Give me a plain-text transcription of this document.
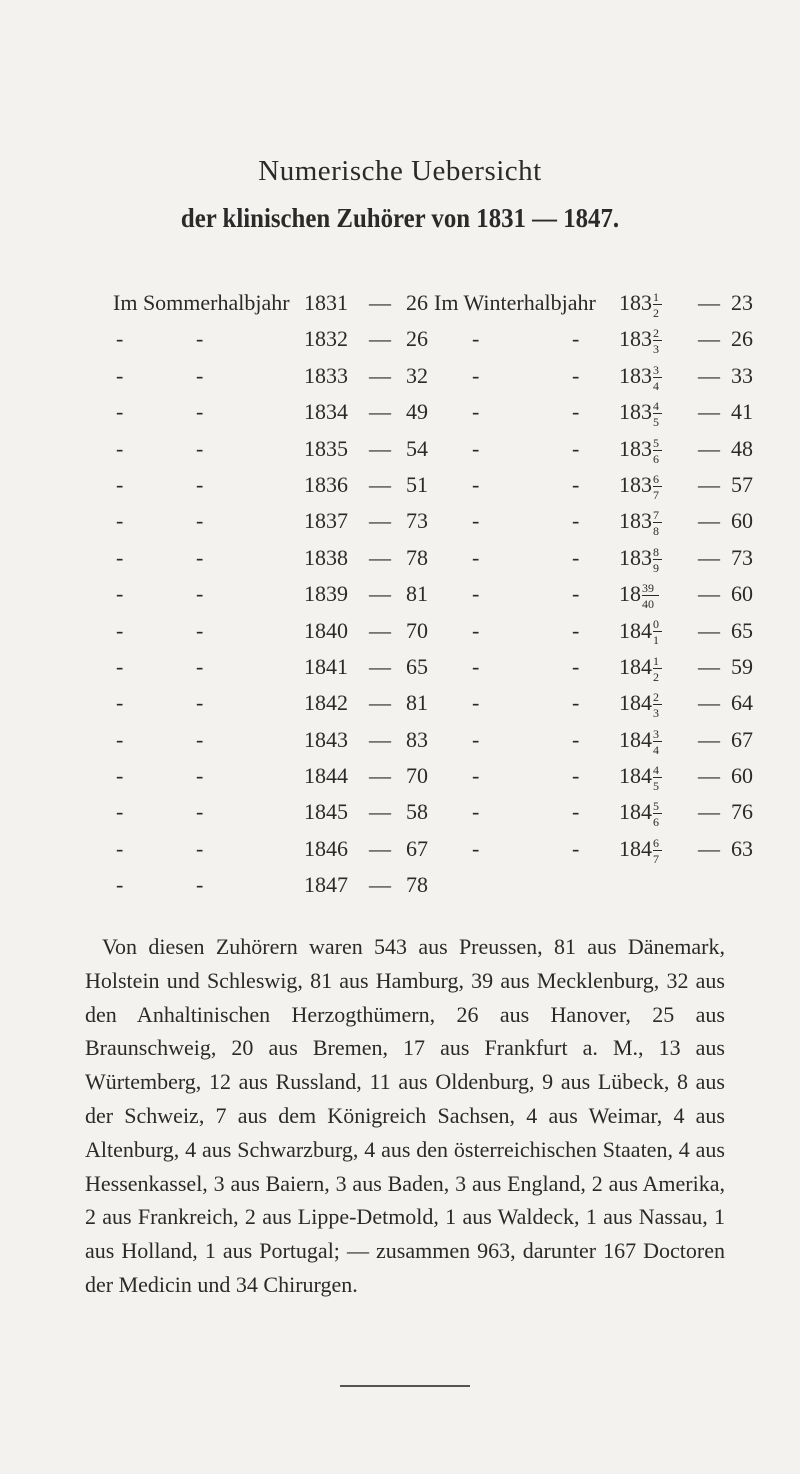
Numerische Uebersicht
der klinischen Zuhörer von 1831 — 1847.
Im Sommerhalbjahr 1831 — 26 Im Winterhalbjahr $183 \frac{1}{2}$ — 23
-	-	1832 — 26 -	- $183 \frac{2}{3}$ — 26
-	-	1833 — 32 -	- $183 \frac{3}{4}$ — 33
-	-	1834 — 49 -	- $183 \frac{4}{5}$ — 41
-	-	1835 — 54 -	- $183 \frac{5}{6}$ — 48
-	-	1836 — 51 -	- $183 \frac{6}{7}$ — 57
-	-	1837 — 73 -	- $183 \frac{7}{8}$ — 60
-	-	1838 — 78 -	- $183 \frac{8}{9}$ — 73
-	-	1839 — 81 -	- $18 \frac{39}{40}$ — 60
-	-	1840 — 70 -	- $184 \frac{0}{1}$ — 65
-	-	1841 — 65 -	- $184 \frac{1}{2}$ — 59
-	-	1842 — 81 -	- $184 \frac{2}{3}$ — 64
-	-	1843 — 83 -	- $184 \frac{3}{4}$ — 67
-	-	1844 — 70 -	- $184 \frac{4}{5}$ — 60
-	-	1845 — 58 -	- $184 \frac{5}{6}$ — 76
-	-	1846 — 67 -	- $184 \frac{6}{7}$ — 63
-	-	1847 — 78
Von diesen Zuhörern waren 543 aus Preussen, 81 aus Dänemark, Holstein und Schleswig, 81 aus Hamburg, 39 aus Mecklenburg, 32 aus den Anhaltinischen Herzogthümern, 26 aus Hanover, 25 aus Braunschweig, 20 aus Bremen, 17 aus Frankfurt a. M., 13 aus Würtemberg, 12 aus Russland, 11 aus Oldenburg, 9 aus Lübeck, 8 aus der Schweiz, 7 aus dem Königreich Sachsen, 4 aus Weimar, 4 aus Altenburg, 4 aus Schwarzburg, 4 aus den österreichischen Staaten, 4 aus Hessenkassel, 3 aus Baiern, 3 aus Baden, 3 aus England, 2 aus Amerika, 2 aus Frankreich, 2 aus Lippe-Detmold, 1 aus Waldeck, 1 aus Nassau, 1 aus Holland, 1 aus Portugal; — zusammen 963, darunter 167 Doctoren der Medicin und 34 Chirurgen.
